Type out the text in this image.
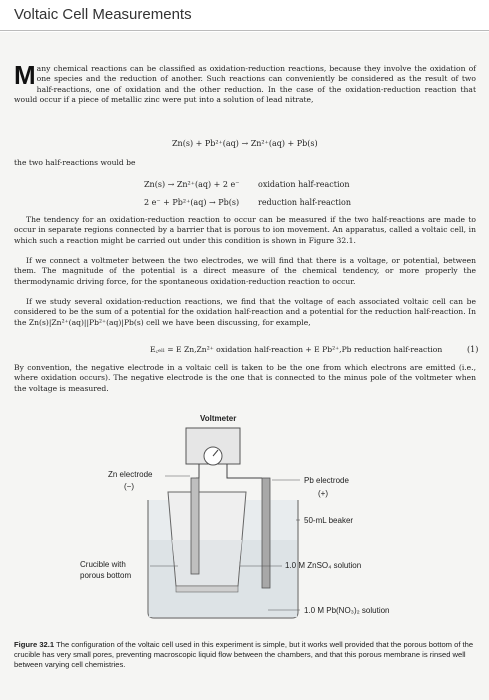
Voltaic Cell Measurements
Many chemical reactions can be classified as oxidation-reduction reactions, because they involve the oxidation of one species and the reduction of another. Such reactions can conveniently be considered as the result of two half-reactions, one of oxidation and the other reduction. In the case of the oxidation-reduction reaction that would occur if a piece of metallic zinc were put into a solution of lead nitrate,
Zn(s) + Pb²⁺(aq) → Zn²⁺(aq) + Pb(s)
the two half-reactions would be
Zn(s) → Zn²⁺(aq) + 2 e⁻ oxidation half-reaction
2 e⁻ + Pb²⁺(aq) → Pb(s) reduction half-reaction
The tendency for an oxidation-reduction reaction to occur can be measured if the two half-reactions are made to occur in separate regions connected by a barrier that is porous to ion movement. An apparatus, called a voltaic cell, in which such a reaction might be carried out under this condition is shown in Figure 32.1.
If we connect a voltmeter between the two electrodes, we will find that there is a voltage, or potential, between them. The magnitude of the potential is a direct measure of the chemical tendency, or more properly the thermodynamic driving force, for the spontaneous oxidation-reduction reaction to occur.
If we study several oxidation-reduction reactions, we find that the voltage of each associated voltaic cell can be considered to be the sum of a potential for the oxidation half-reaction and a potential for the reduction half-reaction. In the Zn(s)|Zn²⁺(aq)||Pb²⁺(aq)|Pb(s) cell we have been discussing, for example,
E꜀ₑₗₗ = E Zn,Zn²⁺ oxidation half-reaction + E Pb²⁺,Pb reduction half-reaction	(1)
By convention, the negative electrode in a voltaic cell is taken to be the one from which electrons are emitted (i.e., where oxidation occurs). The negative electrode is the one that is connected to the minus pole of the voltmeter when the voltage is measured.
Voltmeter
Zn electrode
(−)
Pb electrode
(+)
50-mL beaker
Crucible with
porous bottom
1.0 M ZnSO₄ solution
1.0 M Pb(NO₃)₂ solution
Figure 32.1 The configuration of the voltaic cell used in this experiment is simple, but it works well provided that the porous bottom of the crucible has very small pores, preventing macroscopic liquid flow between the chambers, and that this porous membrane is rinsed well between varying cell chemistries.
